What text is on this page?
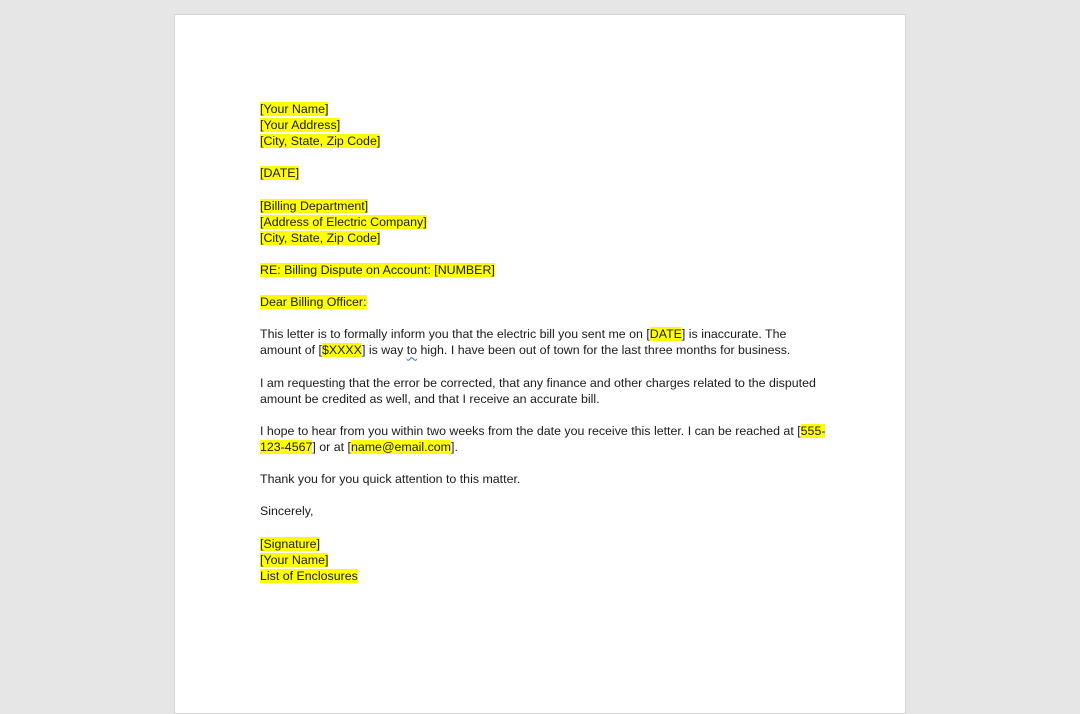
[Your Name]
[Your Address]
[City, State, Zip Code]
[DATE]
[Billing Department]
[Address of Electric Company]
[City, State, Zip Code]
RE: Billing Dispute on Account: [NUMBER]
Dear Billing Officer:
This letter is to formally inform you that the electric bill you sent me on [DATE] is inaccurate. The
amount of [$XXXX] is way to high. I have been out of town for the last three months for business.
I am requesting that the error be corrected, that any finance and other charges related to the disputed
amount be credited as well, and that I receive an accurate bill.
I hope to hear from you within two weeks from the date you receive this letter. I can be reached at [555-
123-4567] or at [name@email.com].
Thank you for you quick attention to this matter.
Sincerely,
[Signature]
[Your Name]
List of Enclosures
